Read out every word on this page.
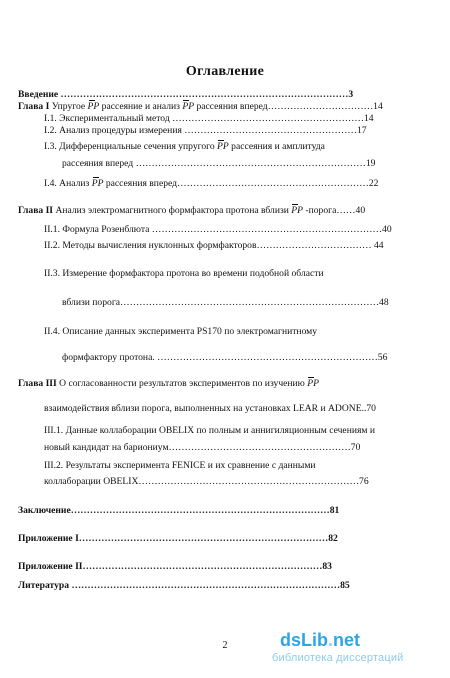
Оглавление
Введение ………………………………………………………………………………3
Глава I Упругое PP рассеяние и анализ PP рассеяния вперед……………………………14
I.1. Экспериментальный метод ……………………………………………………14
I.2. Анализ процедуры измерения ………………………………………………17
I.3. Дифференциальные сечения упругого PP рассеяния и амплитуда
рассеяния вперед ………………………………………………………………19
I.4. Анализ PP рассеяния вперед……………………………………………………22
Глава II Анализ электромагнитного формфактора протона вблизи PP -порога……40
II.1. Формула Розенблюта ………………………………………………………………40
II.2. Методы вычисления нуклонных формфакторов……………………………… 44
II.3. Измерение формфактора протона во времени подобной области
вблизи порога………………………………………………………………………48
II.4. Описание данных эксперимента PS170 по электромагнитному
формфактору протона. ……………………………………………………………56
Глава III О согласованности результатов экспериментов по изучению PP
взаимодействия вблизи порога, выполненных на установках LEAR и ADONE..70
III.1. Данные коллаборации OBELIX по полным и аннигиляционным сечениям и
новый кандидат на бариониум…………………………………………………70
III.2. Результаты эксперимента FENICE и их сравнение с данными
коллаборации OBELIX……………………………………………………………76
Заключение………………………………………………………………………81
Приложение I……………………………………………………………………82
Приложение II…………………………………………………………………83
Литература …………………………………………………………………………85
2	dsLib.net
библиотека диссертаций
